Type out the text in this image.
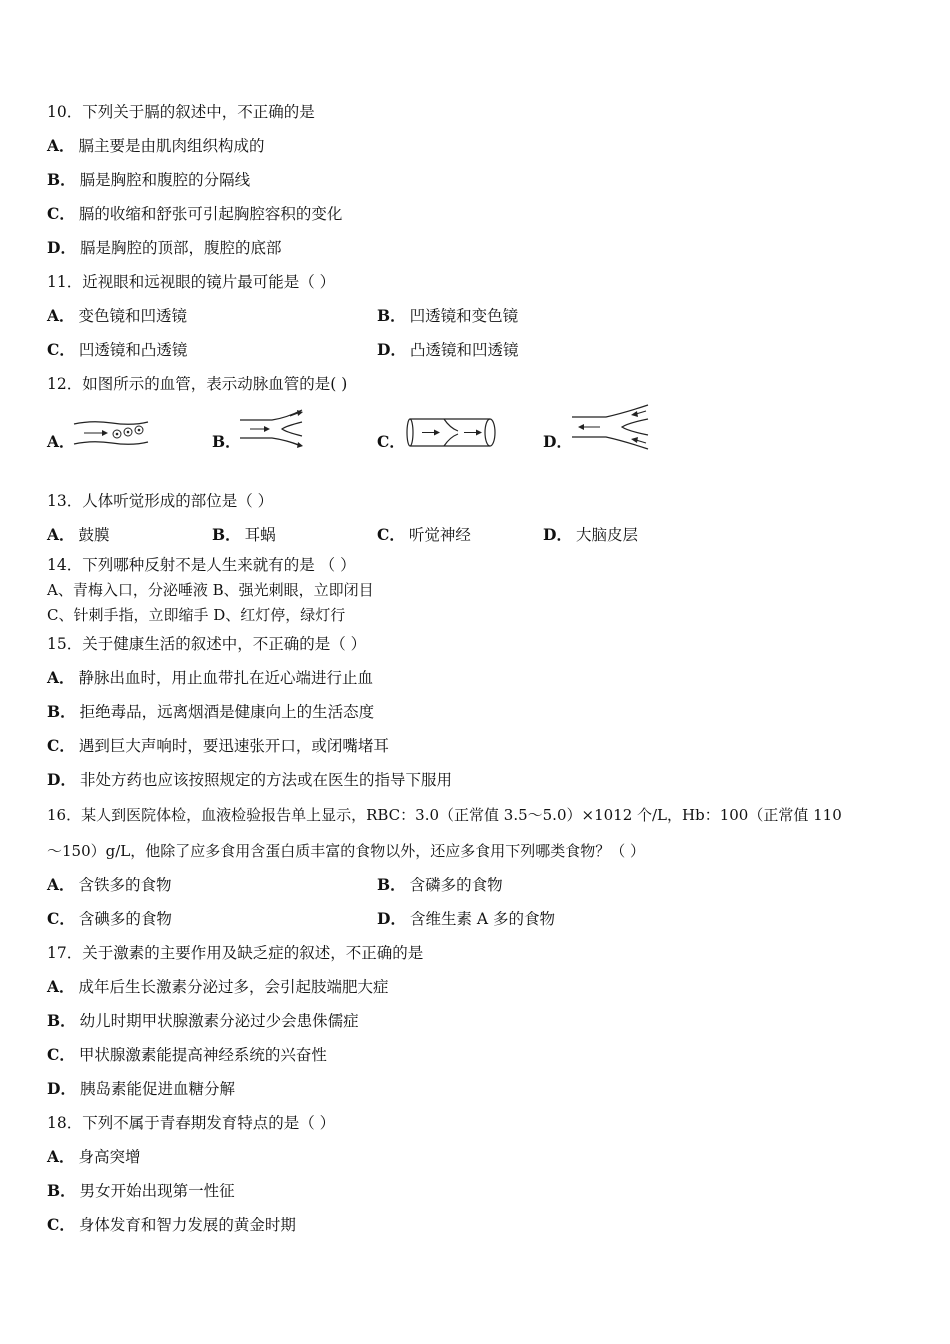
10．下列关于膈的叙述中，不正确的是
A． 膈主要是由肌肉组织构成的
B． 膈是胸腔和腹腔的分隔线
C． 膈的收缩和舒张可引起胸腔容积的变化
D． 膈是胸腔的顶部，腹腔的底部
11．近视眼和远视眼的镜片最可能是（ ）
A． 变色镜和凹透镜	B． 凹透镜和变色镜
C． 凹透镜和凸透镜	D． 凸透镜和凹透镜
12．如图所示的血管，表示动脉血管的是( )
A．	B．	C．	D．
13．人体听觉形成的部位是（ ）
A． 鼓膜	B． 耳蜗	C． 听觉神经	D． 大脑皮层
14．下列哪种反射不是人生来就有的是 （ ）
A、青梅入口，分泌唾液 B、强光刺眼，立即闭目
C、针刺手指，立即缩手 D、红灯停，绿灯行
15．关于健康生活的叙述中，不正确的是（ ）
A． 静脉出血时，用止血带扎在近心端进行止血
B． 拒绝毒品，远离烟酒是健康向上的生活态度
C． 遇到巨大声响时，要迅速张开口，或闭嘴堵耳
D． 非处方药也应该按照规定的方法或在医生的指导下服用
16．某人到医院体检，血液检验报告单上显示，RBC：3.0（正常值 3.5～5.0）×1012 个/L，Hb：100（正常值 110
～150）g/L，他除了应多食用含蛋白质丰富的食物以外，还应多食用下列哪类食物？（ ）
A． 含铁多的食物	B． 含磷多的食物
C． 含碘多的食物	D． 含维生素 A 多的食物
17．关于激素的主要作用及缺乏症的叙述，不正确的是
A． 成年后生长激素分泌过多，会引起肢端肥大症
B． 幼儿时期甲状腺激素分泌过少会患侏儒症
C． 甲状腺激素能提高神经系统的兴奋性
D． 胰岛素能促进血糖分解
18．下列不属于青春期发育特点的是（ ）
A． 身高突增
B． 男女开始出现第一性征
C． 身体发育和智力发展的黄金时期
